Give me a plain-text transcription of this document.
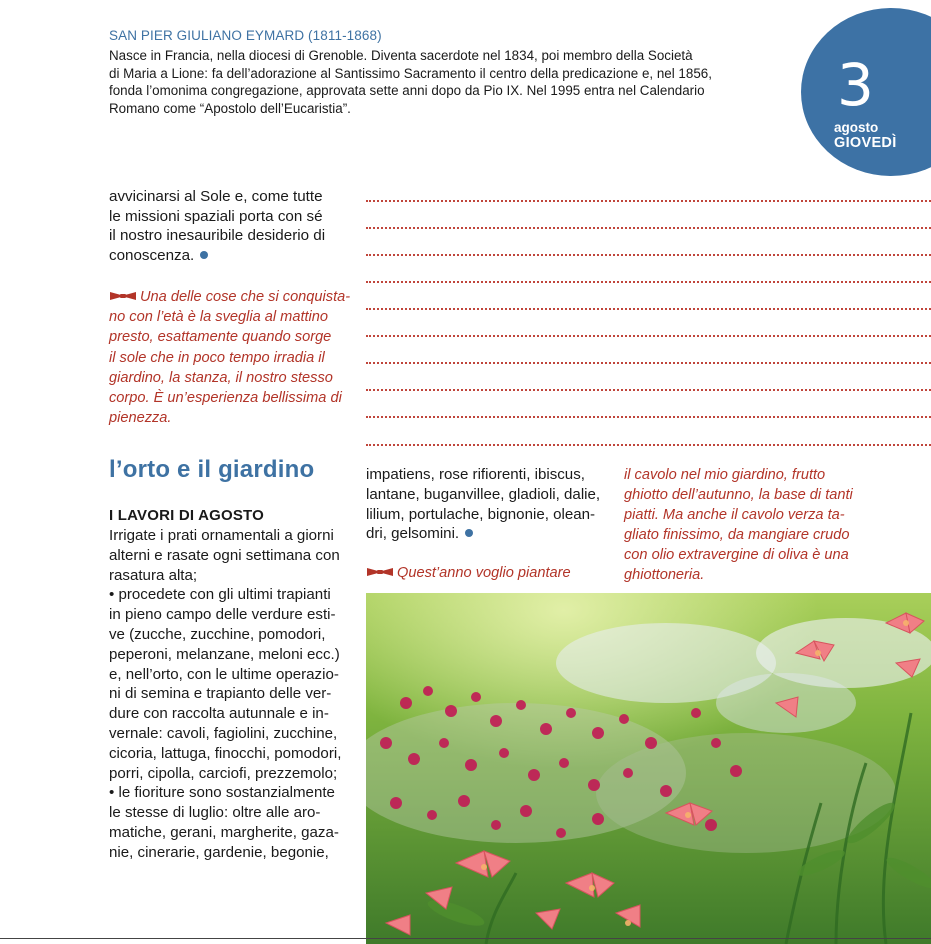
SAN PIER GIULIANO EYMARD (1811-1868)
Nasce in Francia, nella diocesi di Grenoble. Diventa sacerdote nel 1834, poi membro della Società
di Maria a Lione: fa dell’adorazione al Santissimo Sacramento il centro della predicazione e, nel 1856,
fonda l’omonima congregazione, approvata sette anni dopo da Pio IX. Nel 1995 entra nel Calendario
Romano come “Apostolo dell’Eucaristia”.	3
agosto
GIOVEDÌ
avvicinarsi al Sole e, come tutte
le missioni spaziali porta con sé
il nostro inesauribile desiderio di
conoscenza.
Una delle cose che si conquista-
no con l’età è la sveglia al mattino
presto, esattamente quando sorge
il sole che in poco tempo irradia il
giardino, la stanza, il nostro stesso
corpo. È un’esperienza bellissima di
pienezza.
l’orto e il giardino
I LAVORI DI AGOSTO
Irrigate i prati ornamentali a giorni
alterni e rasate ogni settimana con
rasatura alta;
• procedete con gli ultimi trapianti
in pieno campo delle verdure esti-
ve (zucche, zucchine, pomodori,
peperoni, melanzane, meloni ecc.)
e, nell’orto, con le ultime operazio-
ni di semina e trapianto delle ver-
dure con raccolta autunnale e in-
vernale: cavoli, fagiolini, zucchine,
cicoria, lattuga, finocchi, pomodori,
porri, cipolla, carciofi, prezzemolo;
• le fioriture sono sostanzialmente
le stesse di luglio: oltre alle aro-
matiche, gerani, margherite, gaza-
nie, cinerarie, gardenie, begonie,
impatiens, rose rifiorenti, ibiscus,
lantane, buganvillee, gladioli, dalie,
lilium, portulache, bignonie, olean-
dri, gelsomini.
Quest’anno voglio piantare
il cavolo nel mio giardino, frutto
ghiotto dell’autunno, la base di tanti
piatti. Ma anche il cavolo verza ta-
gliato finissimo, da mangiare crudo
con olio extravergine di oliva è una
ghiottoneria.
